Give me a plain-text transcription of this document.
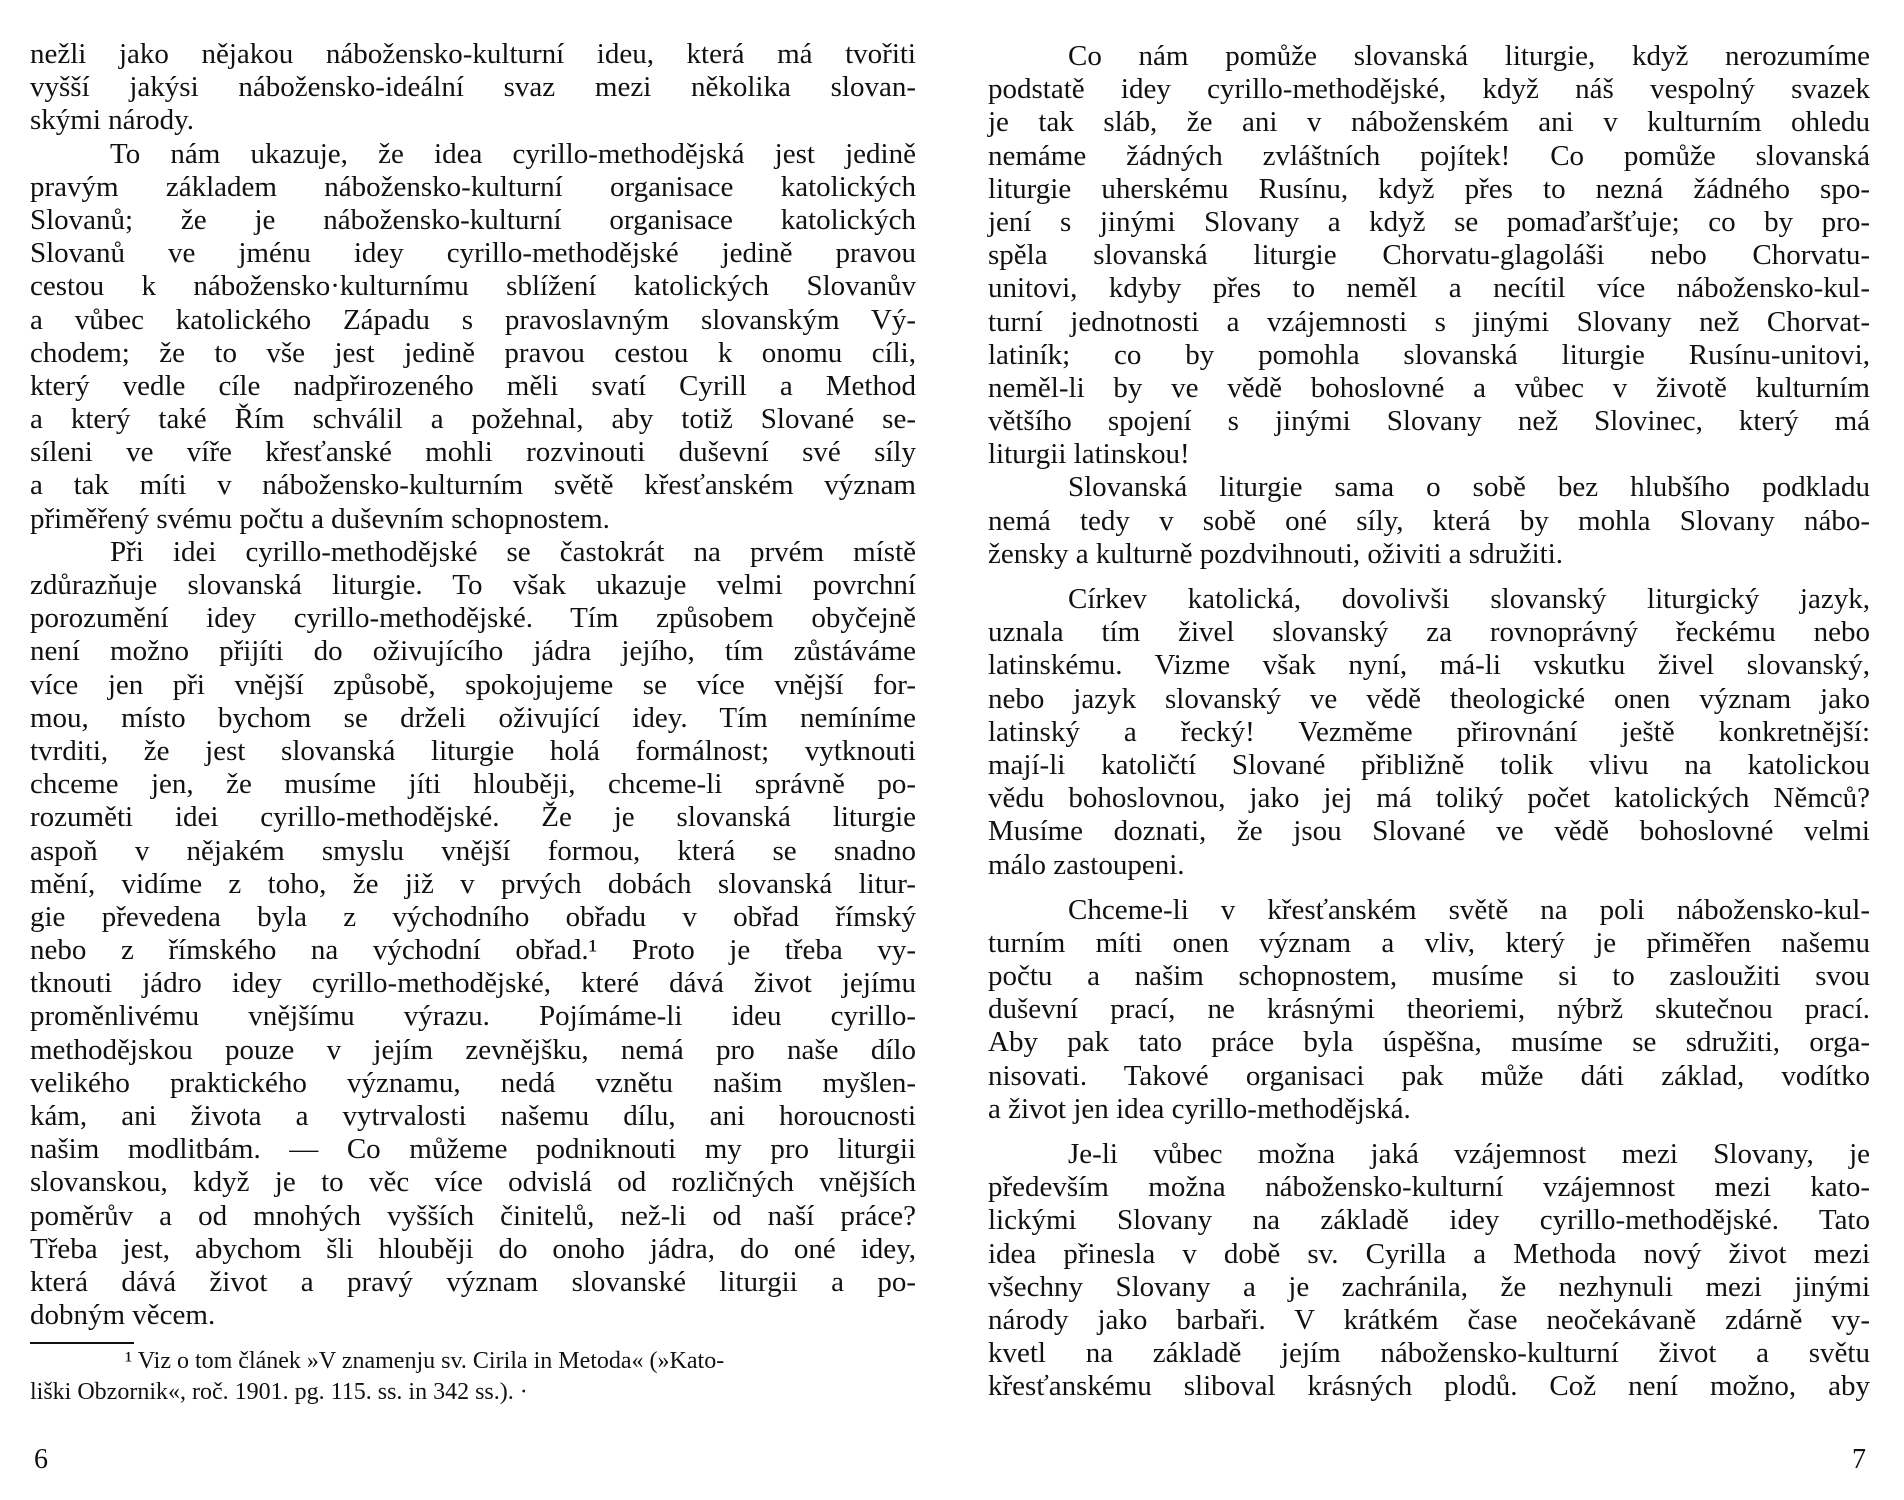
nežli jako nějakou nábožensko-kulturní ideu, která má tvořiti
vyšší jakýsi nábožensko-ideální svaz mezi několika slovan-
skými národy.
To nám ukazuje, že idea cyrillo-methodějská jest jedině
pravým základem nábožensko-kulturní organisace katolických
Slovanů; že je nábožensko-kulturní organisace katolických
Slovanů ve jménu idey cyrillo-methodějské jedině pravou
cestou k nábožensko·kulturnímu sblížení katolických Slovanův
a vůbec katolického Západu s pravoslavným slovanským Vý-
chodem; že to vše jest jedině pravou cestou k onomu cíli,
který vedle cíle nadpřirozeného měli svatí Cyrill a Method
a který také Řím schválil a požehnal, aby totiž Slované se-
síleni ve víře křesťanské mohli rozvinouti duševní své síly
a tak míti v nábožensko-kulturním světě křesťanském význam
přiměřený svému počtu a duševním schopnostem.
Při idei cyrillo-methodějské se častokrát na prvém místě
zdůrazňuje slovanská liturgie. To však ukazuje velmi povrchní
porozumění idey cyrillo-methodějské. Tím způsobem obyčejně
není možno přijíti do oživujícího jádra jejího, tím zůstáváme
více jen při vnější způsobě, spokojujeme se více vnější for-
mou, místo bychom se drželi oživující idey. Tím nemíníme
tvrditi, že jest slovanská liturgie holá formálnost; vytknouti
chceme jen, že musíme jíti hlouběji, chceme-li správně po-
rozuměti idei cyrillo-methodějské. Že je slovanská liturgie
aspoň v nějakém smyslu vnější formou, která se snadno
mění, vidíme z toho, že již v prvých dobách slovanská litur-
gie převedena byla z východního obřadu v obřad římský
nebo z římského na východní obřad.¹ Proto je třeba vy-
tknouti jádro idey cyrillo-methodějské, které dává život jejímu
proměnlivému vnějšímu výrazu. Pojímáme-li ideu cyrillo-
methodějskou pouze v jejím zevnějšku, nemá pro naše dílo
velikého praktického významu, nedá vznětu našim myšlen-
kám, ani života a vytrvalosti našemu dílu, ani horoucnosti
našim modlitbám. — Co můžeme podniknouti my pro liturgii
slovanskou, když je to věc více odvislá od rozličných vnějších
poměrův a od mnohých vyšších činitelů, než-li od naší práce?
Třeba jest, abychom šli hlouběji do onoho jádra, do oné idey,
která dává život a pravý význam slovanské liturgii a po-
dobným věcem.
Co nám pomůže slovanská liturgie, když nerozumíme
podstatě idey cyrillo-methodějské, když náš vespolný svazek
je tak sláb, že ani v náboženském ani v kulturním ohledu
nemáme žádných zvláštních pojítek! Co pomůže slovanská
liturgie uherskému Rusínu, když přes to nezná žádného spo-
jení s jinými Slovany a když se pomaďaršťuje; co by pro-
spěla slovanská liturgie Chorvatu-glagoláši nebo Chorvatu-
unitovi, kdyby přes to neměl a necítil více nábožensko-kul-
turní jednotnosti a vzájemnosti s jinými Slovany než Chorvat-
latiník; co by pomohla slovanská liturgie Rusínu-unitovi,
neměl-li by ve vědě bohoslovné a vůbec v životě kulturním
většího spojení s jinými Slovany než Slovinec, který má
liturgii latinskou!
Slovanská liturgie sama o sobě bez hlubšího podkladu
nemá tedy v sobě oné síly, která by mohla Slovany nábo-
žensky a kulturně pozdvihnouti, oživiti a sdružiti.
Církev katolická, dovolivši slovanský liturgický jazyk,
uznala tím živel slovanský za rovnoprávný řeckému nebo
latinskému. Vizme však nyní, má-li vskutku živel slovanský,
nebo jazyk slovanský ve vědě theologické onen význam jako
latinský a řecký! Vezměme přirovnání ještě konkretnější:
mají-li katoličtí Slované přibližně tolik vlivu na katolickou
vědu bohoslovnou, jako jej má toliký počet katolických Němců?
Musíme doznati, že jsou Slované ve vědě bohoslovné velmi
málo zastoupeni.
Chceme-li v křesťanském světě na poli nábožensko-kul-
turním míti onen význam a vliv, který je přiměřen našemu
počtu a našim schopnostem, musíme si to zasloužiti svou
duševní prací, ne krásnými theoriemi, nýbrž skutečnou prací.
Aby pak tato práce byla úspěšna, musíme se sdružiti, orga-
nisovati. Takové organisaci pak může dáti základ, vodítko
a život jen idea cyrillo-methodějská.
Je-li vůbec možna jaká vzájemnost mezi Slovany, je
především možna nábožensko-kulturní vzájemnost mezi kato-
lickými Slovany na základě idey cyrillo-methodějské. Tato
idea přinesla v době sv. Cyrilla a Methoda nový život mezi
všechny Slovany a je zachránila, že nezhynuli mezi jinými
národy jako barbaři. V krátkém čase neočekávaně zdárně vy-
kvetl na základě jejím nábožensko-kulturní život a světu
křesťanskému sliboval krásných plodů. Což není možno, aby
¹ Viz o tom článek »V znamenju sv. Cirila in Metoda« (»Kato-
liški Obzornik«, roč. 1901. pg. 115. ss. in 342 ss.). ·
6	7
